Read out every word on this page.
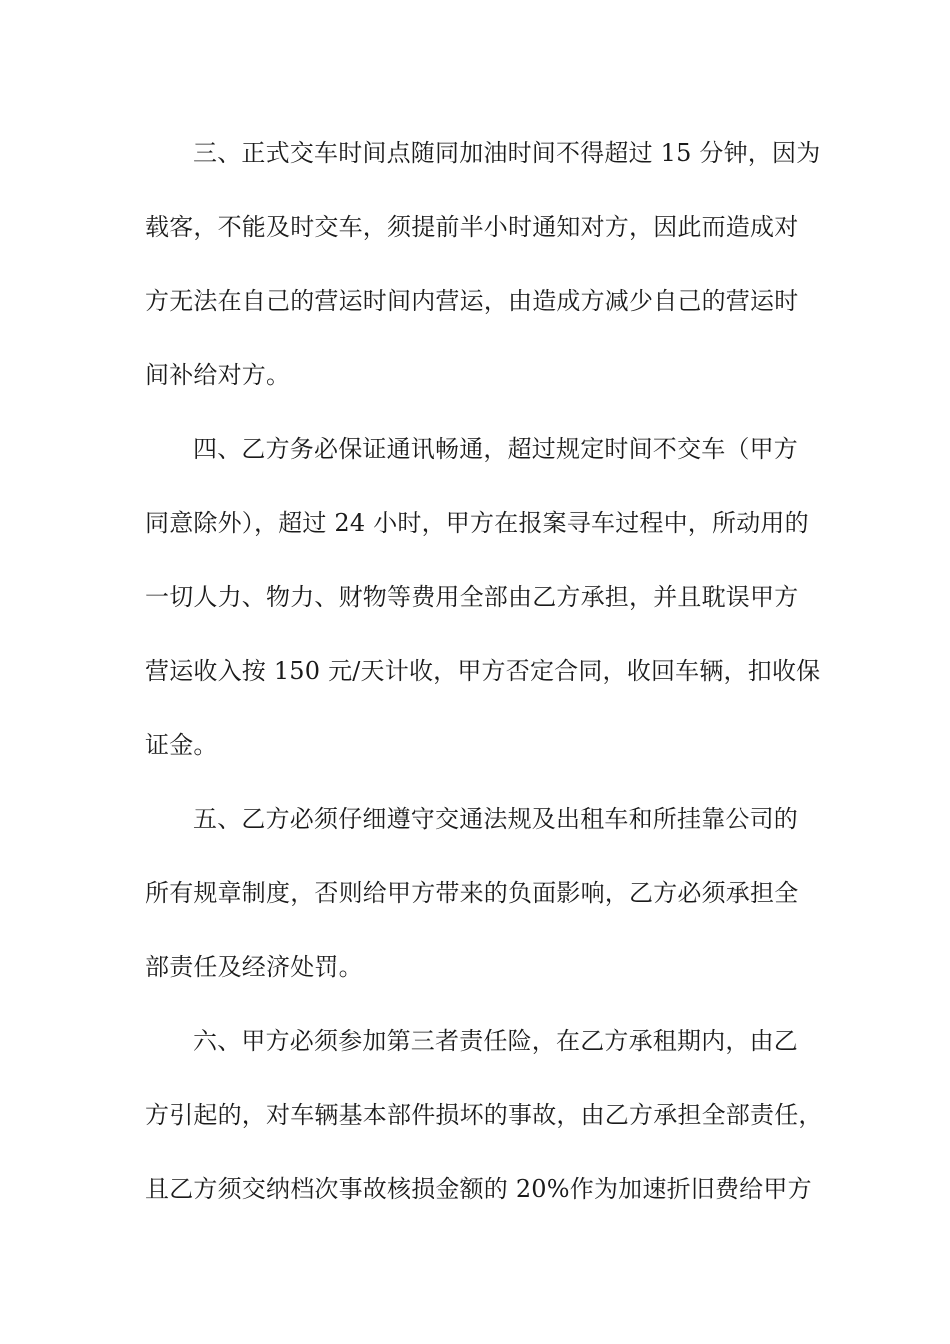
三、正式交车时间点随同加油时间不得超过 15 分钟，因为
载客，不能及时交车，须提前半小时通知对方，因此而造成对
方无法在自己的营运时间内营运，由造成方减少自己的营运时
间补给对方。

四、乙方务必保证通讯畅通，超过规定时间不交车（甲方
同意除外），超过 24 小时，甲方在报案寻车过程中，所动用的
一切人力、物力、财物等费用全部由乙方承担，并且耽误甲方
营运收入按 150 元/天计收，甲方否定合同，收回车辆，扣收保
证金。

五、乙方必须仔细遵守交通法规及出租车和所挂靠公司的
所有规章制度，否则给甲方带来的负面影响，乙方必须承担全
部责任及经济处罚。

六、甲方必须参加第三者责任险，在乙方承租期内，由乙
方引起的，对车辆基本部件损坏的事故，由乙方承担全部责任，
且乙方须交纳档次事故核损金额的 20%作为加速折旧费给甲方
